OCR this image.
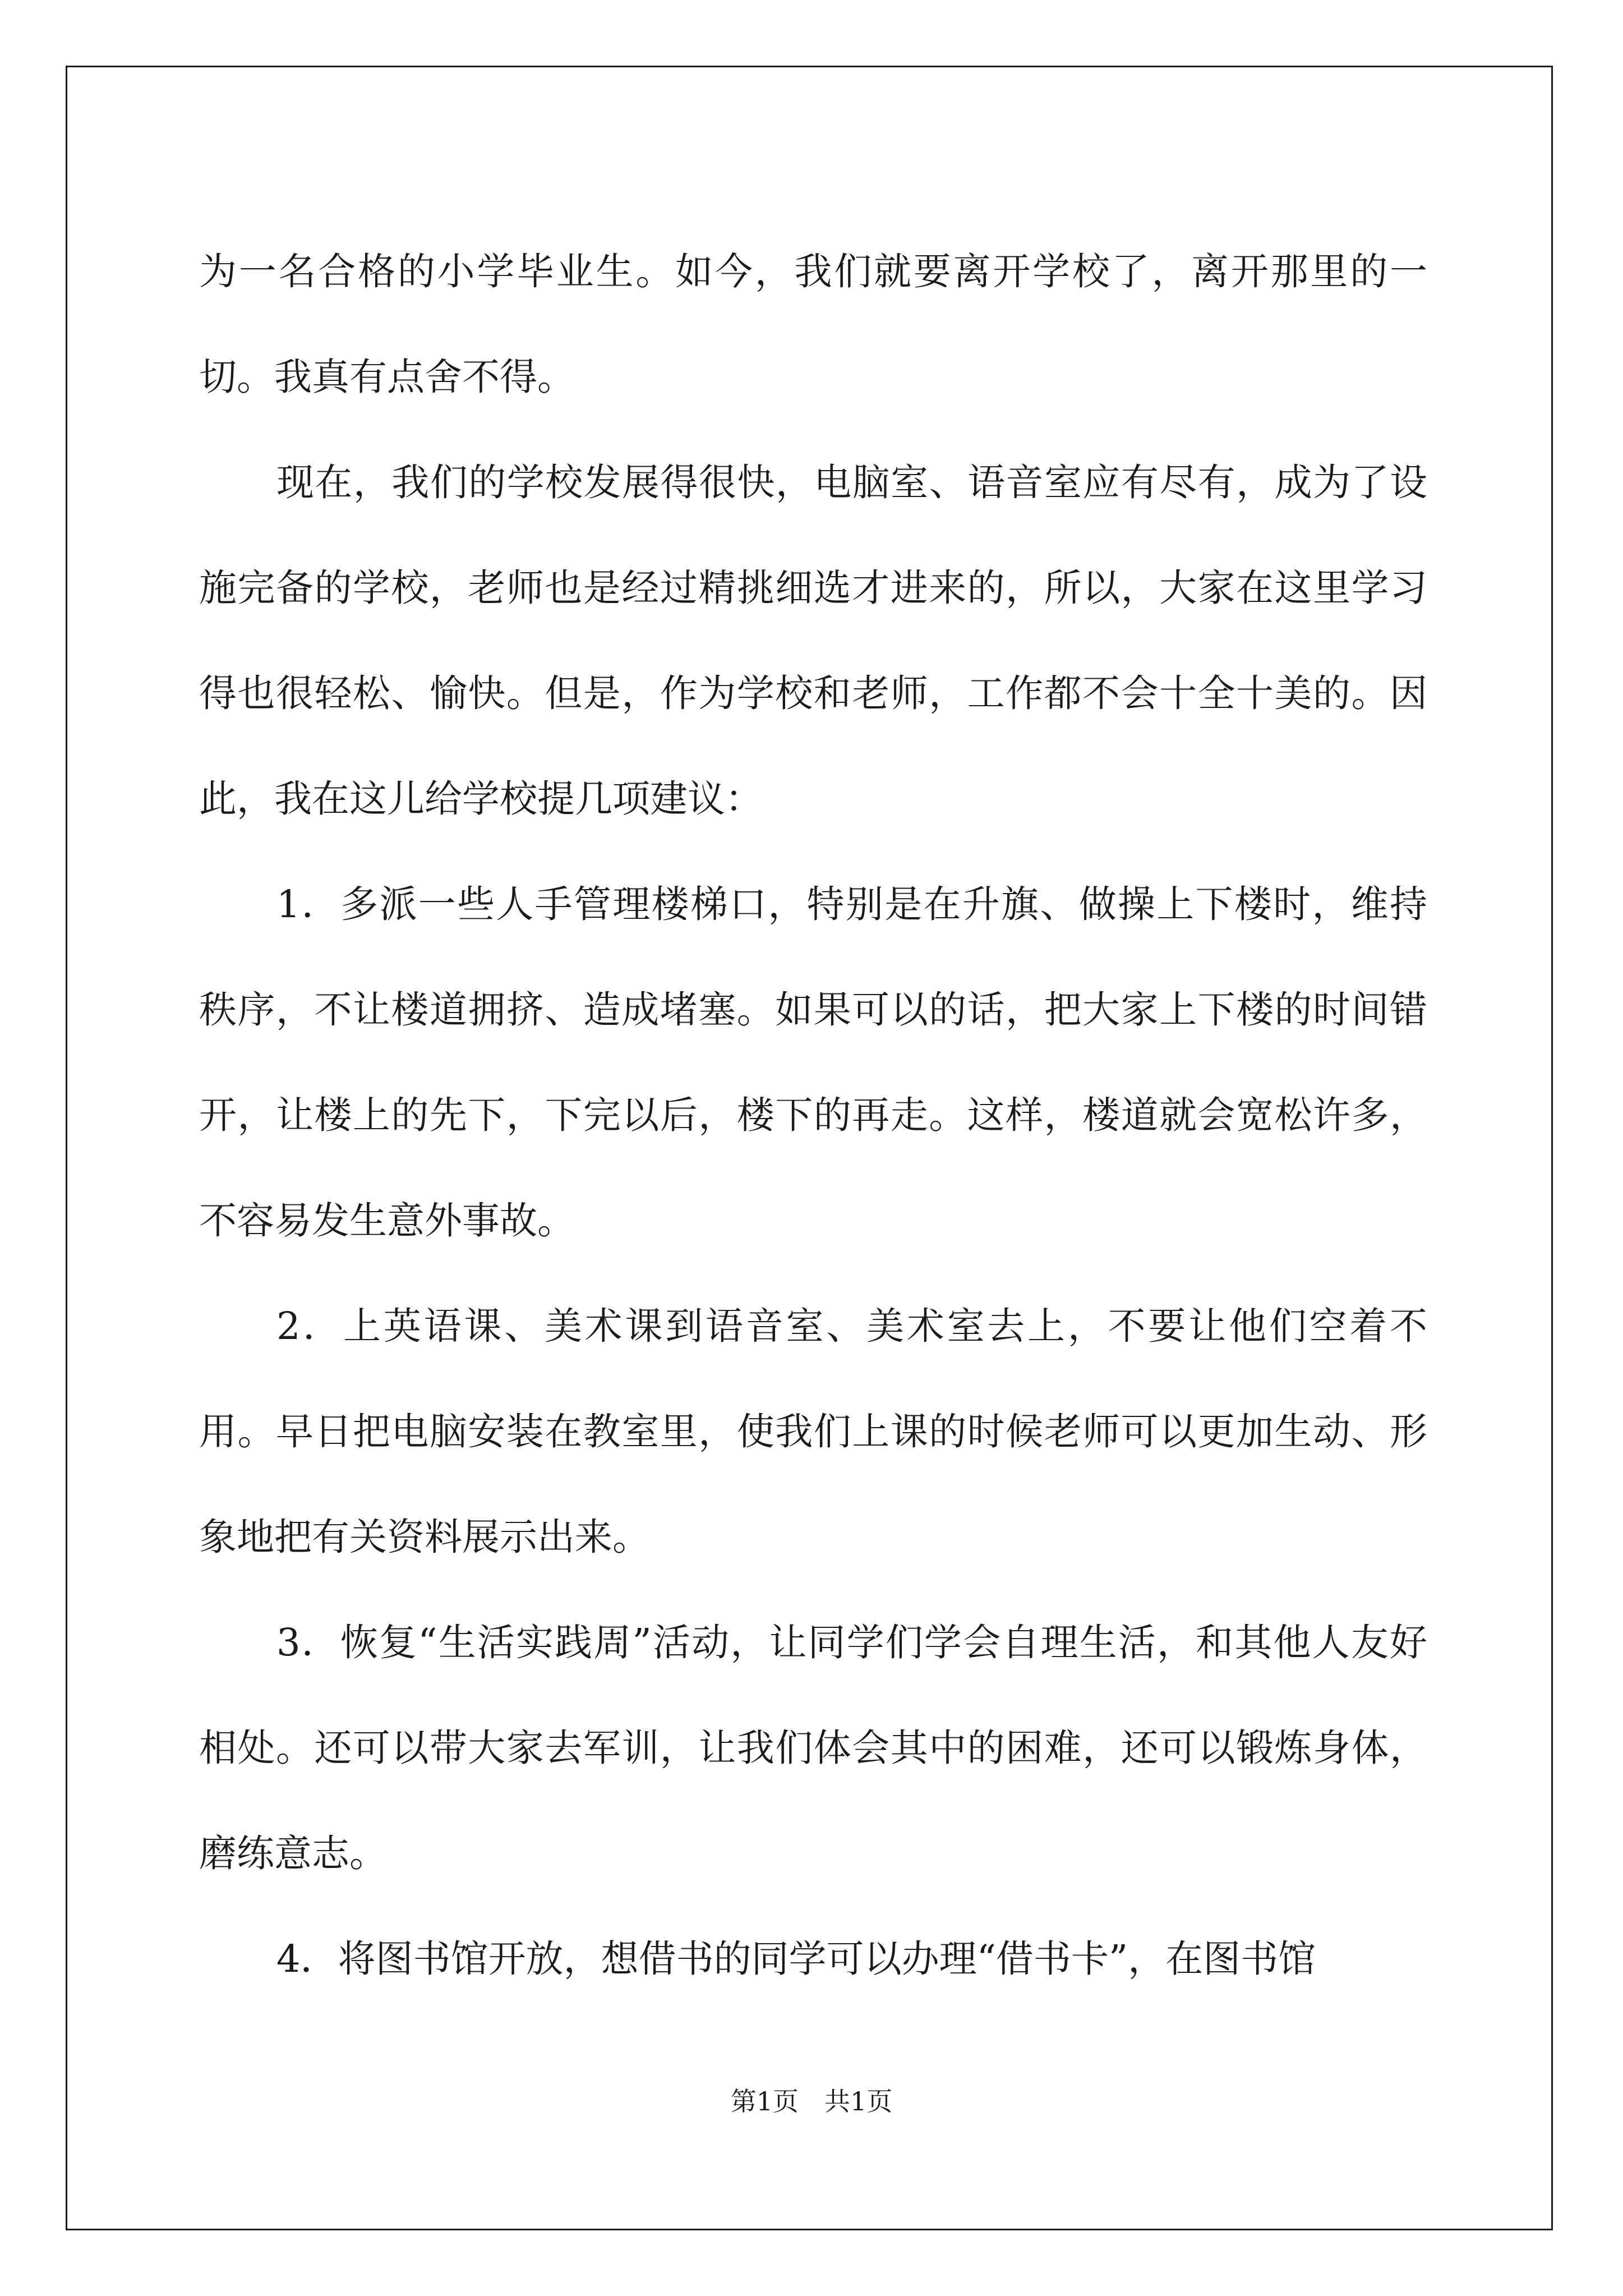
为一名合格的小学毕业生。如今，我们就要离开学校了，离开那里的一切。我真有点舍不得。

现在，我们的学校发展得很快，电脑室、语音室应有尽有，成为了设施完备的学校，老师也是经过精挑细选才进来的，所以，大家在这里学习得也很轻松、愉快。但是，作为学校和老师，工作都不会十全十美的。因此，我在这儿给学校提几项建议：

1．多派一些人手管理楼梯口，特别是在升旗、做操上下楼时，维持秩序，不让楼道拥挤、造成堵塞。如果可以的话，把大家上下楼的时间错开，让楼上的先下，下完以后，楼下的再走。这样，楼道就会宽松许多，不容易发生意外事故。

2．上英语课、美术课到语音室、美术室去上，不要让他们空着不用。早日把电脑安装在教室里，使我们上课的时候老师可以更加生动、形象地把有关资料展示出来。

3．恢复“生活实践周”活动，让同学们学会自理生活，和其他人友好相处。还可以带大家去军训，让我们体会其中的困难，还可以锻炼身体，磨练意志。

4．将图书馆开放，想借书的同学可以办理“借书卡”，在图书馆

第1页 共1页
